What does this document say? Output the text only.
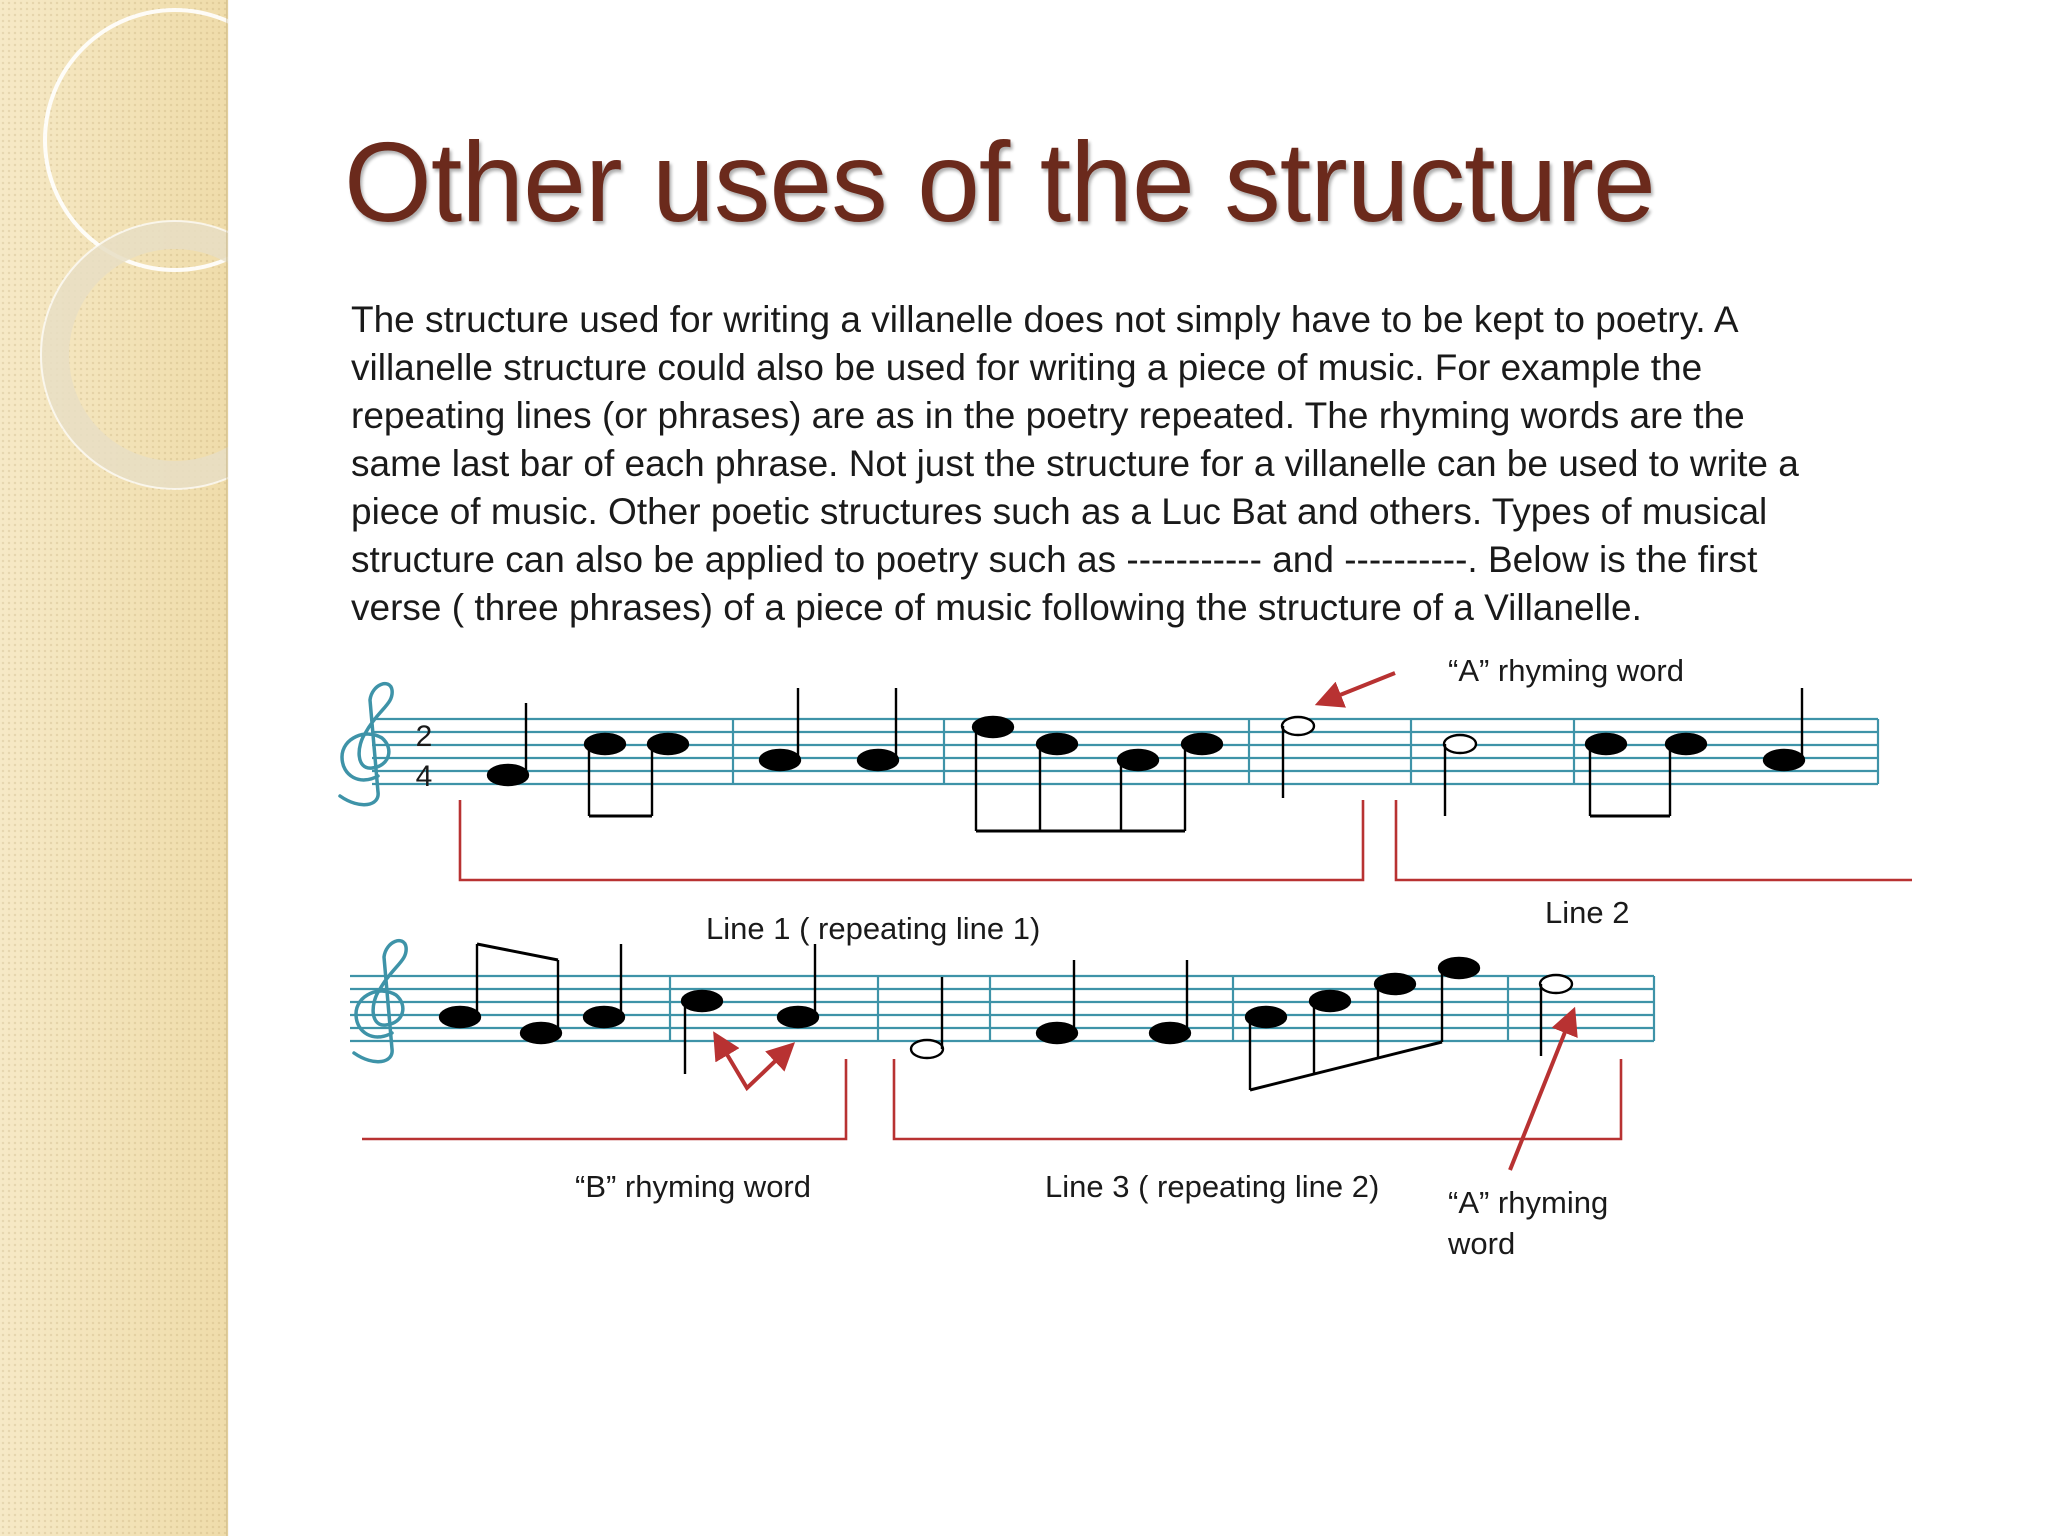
Other uses of the structure

The structure used for writing a villanelle does not simply have to be kept to poetry. A
villanelle structure could also be used for writing a piece of music. For example the
repeating lines (or phrases) are as in the poetry repeated. The rhyming words are the
same last bar of each phrase. Not just the structure for a villanelle can be used to write a
piece of music. Other poetic structures such as a Luc Bat and others. Types of musical
structure can also be applied to poetry such as ----------- and ----------. Below is the first
verse ( three phrases) of a piece of music following the structure of a Villanelle.

2
4

“A” rhyming word

Line 1 ( repeating line 1)	Line 2

“B” rhyming word	Line 3 ( repeating line 2) “A” rhyming

word
